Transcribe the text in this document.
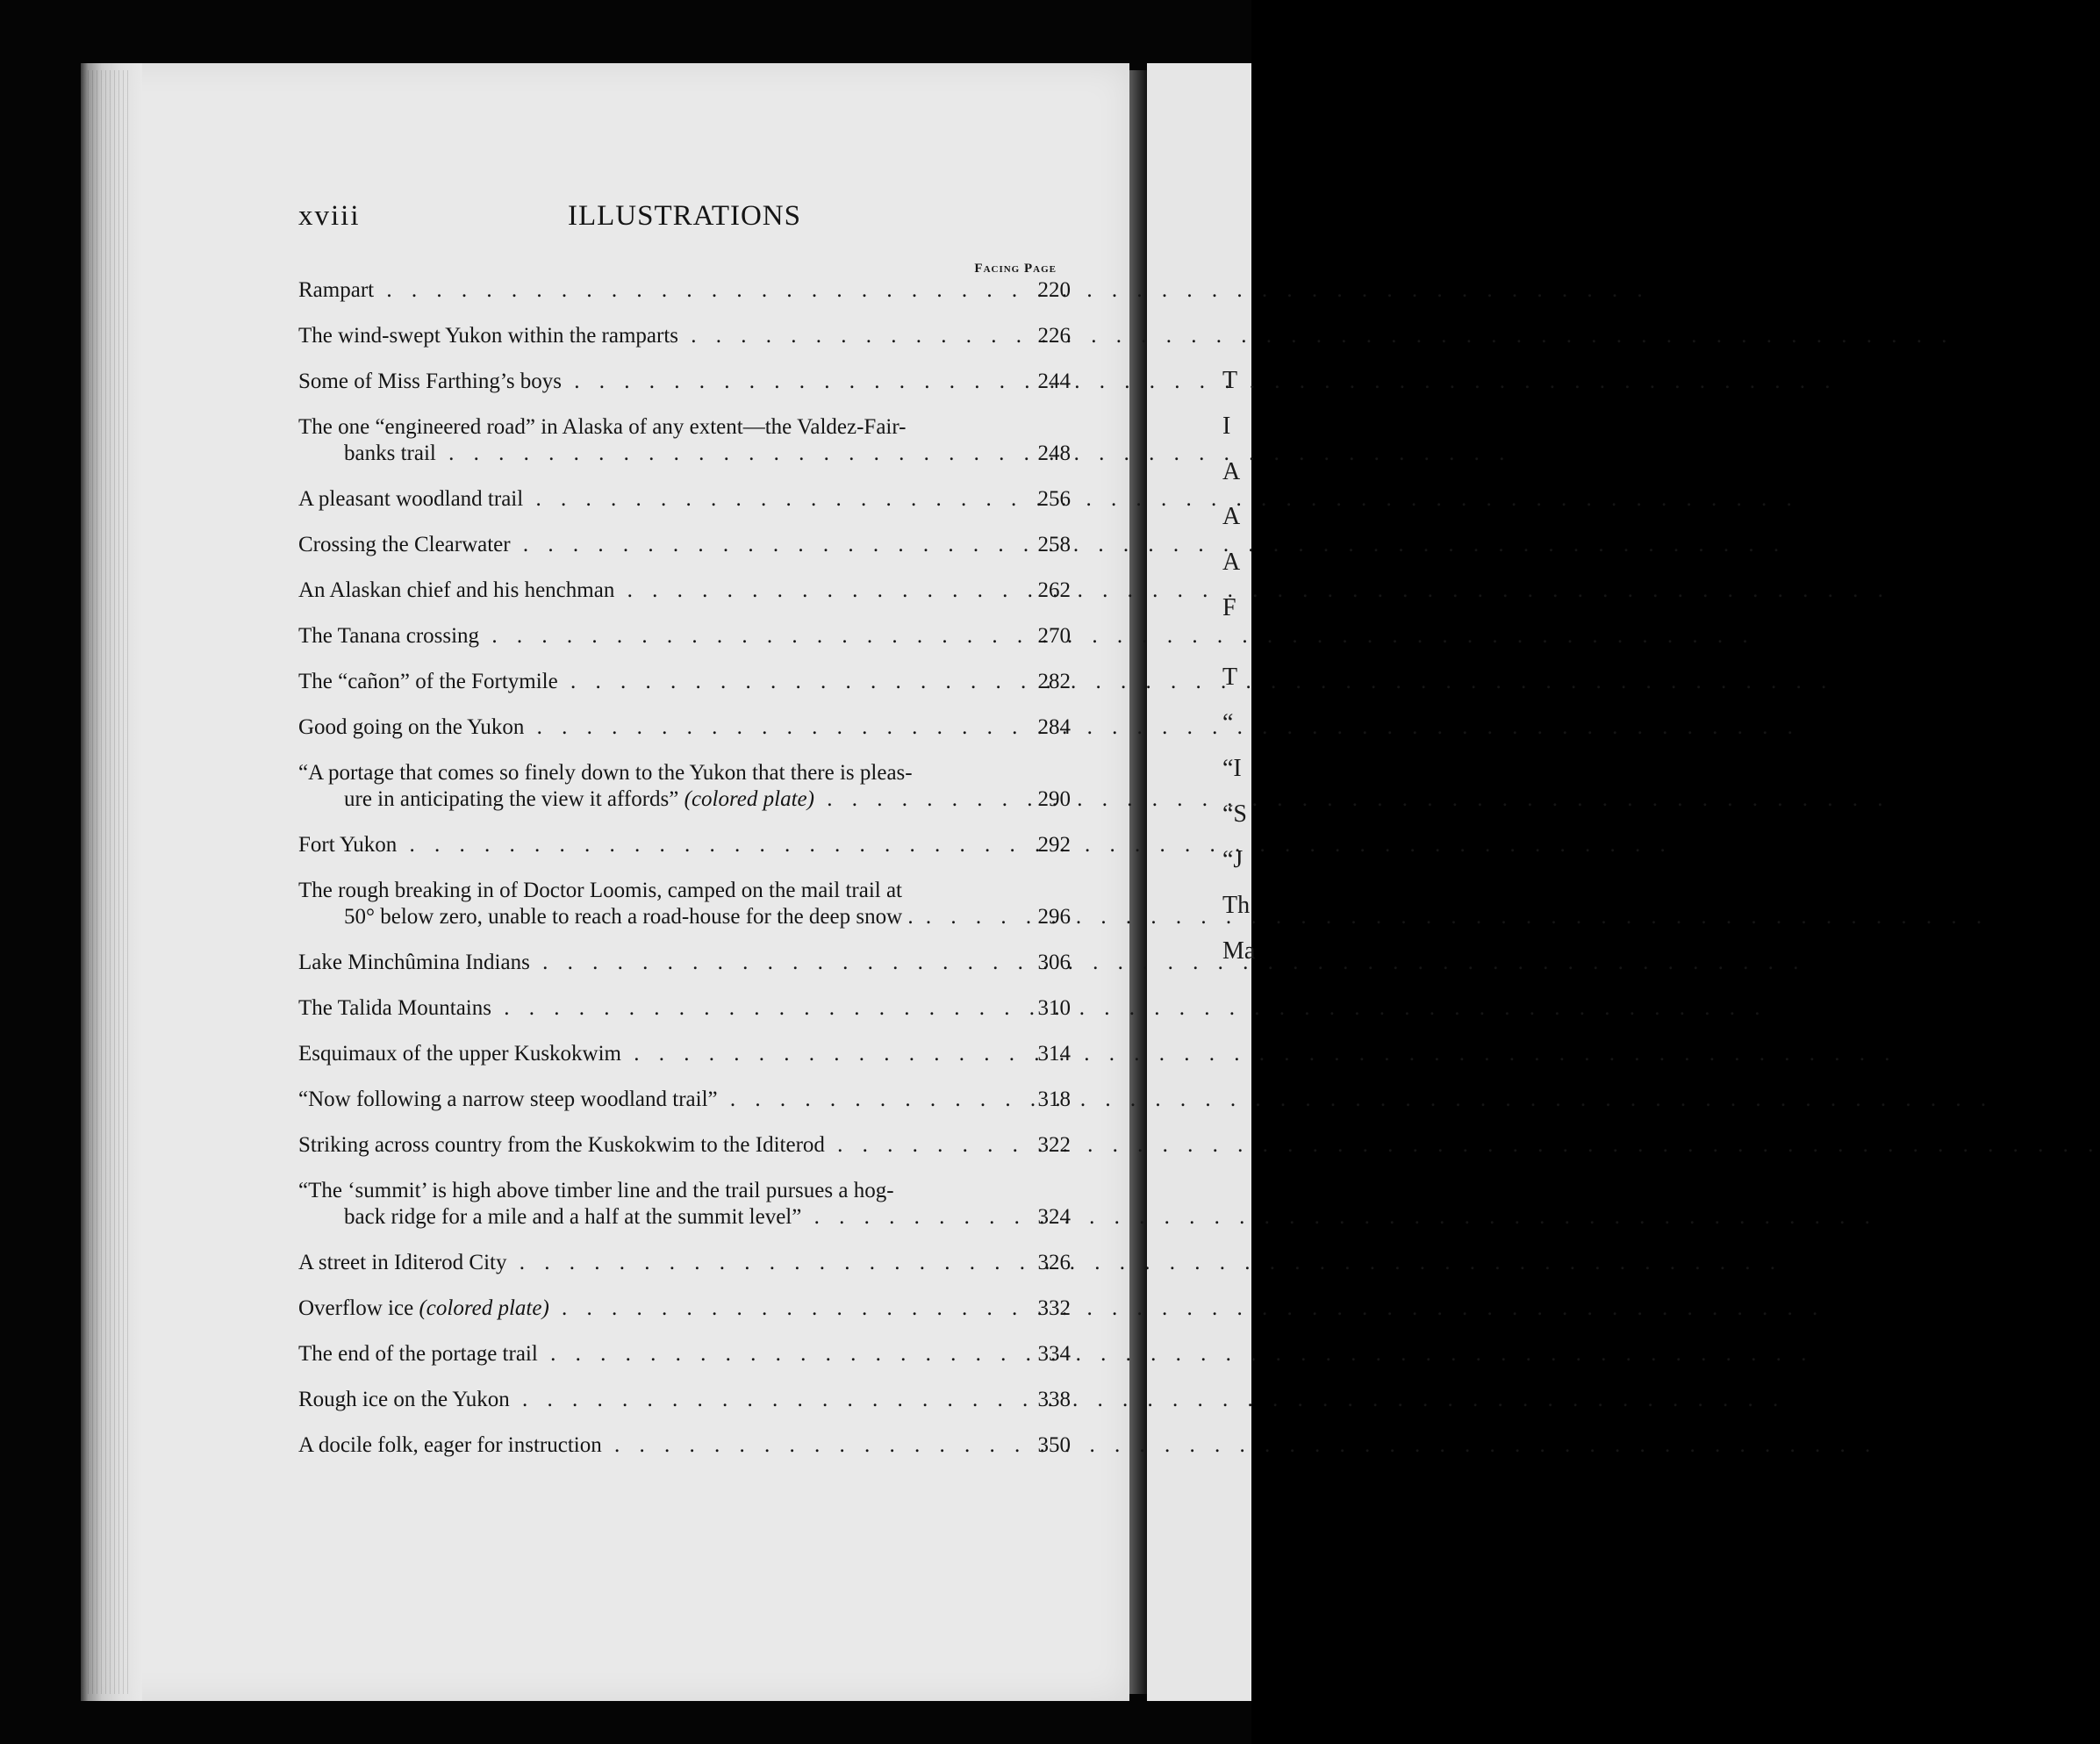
T
I
A
A
A
F
T
“
“I
“S
“J
Th
Ma
xviii	ILLUSTRATIONS
Facing Page
Rampart . . .	220
The wind-swept Yukon within the ramparts . . .	226
Some of Miss Farthing’s boys . . .	244
The one “engineered road” in Alaska of any extent—the Valdez-Fair-
banks trail . . .	248
A pleasant woodland trail . . .	256
Crossing the Clearwater . . .	258
An Alaskan chief and his henchman . . .	262
The Tanana crossing . . .	270
The “cañon” of the Fortymile . . .	282
Good going on the Yukon . . .	284
“A portage that comes so finely down to the Yukon that there is pleas-
ure in anticipating the view it affords” (colored plate) . . .	290
Fort Yukon . . .	292
The rough breaking in of Doctor Loomis, camped on the mail trail at
50° below zero, unable to reach a road-house for the deep snow . . . .	296
Lake Minchûmina Indians . . .	306
The Talida Mountains . . .	310
Esquimaux of the upper Kuskokwim . . .	314
“Now following a narrow steep woodland trail” . . .	318
Striking across country from the Kuskokwim to the Iditerod . . .	322
“The ‘summit’ is high above timber line and the trail pursues a hog-
back ridge for a mile and a half at the summit level” . . .	324
A street in Iditerod City . . .	326
Overflow ice (colored plate) . . .	332
The end of the portage trail . . .	334
Rough ice on the Yukon . . .	338
A docile folk, eager for instruction . . .	350
